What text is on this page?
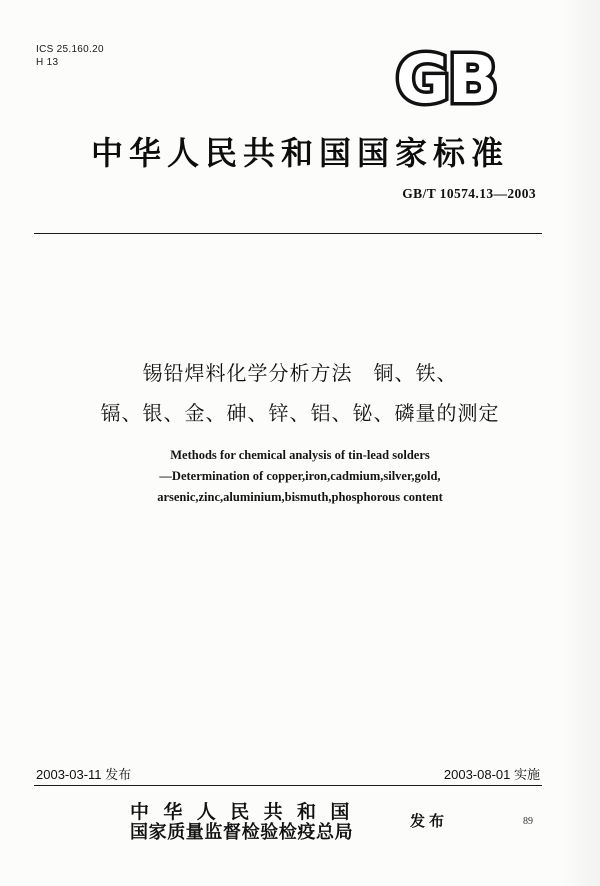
ICS 25.160.20
H 13	GB
中华人民共和国国家标准
GB/T 10574.13—2003
锡铅焊料化学分析方法　铜、铁、
镉、银、金、砷、锌、铝、铋、磷量的测定
Methods for chemical analysis of tin-lead solders
—Determination of copper,iron,cadmium,silver,gold,
arsenic,zinc,aluminium,bismuth,phosphorous content
2003-03-11 发布	2003-08-01 实施
中华人民共和国
国家质量监督检验检疫总局
发布	89
